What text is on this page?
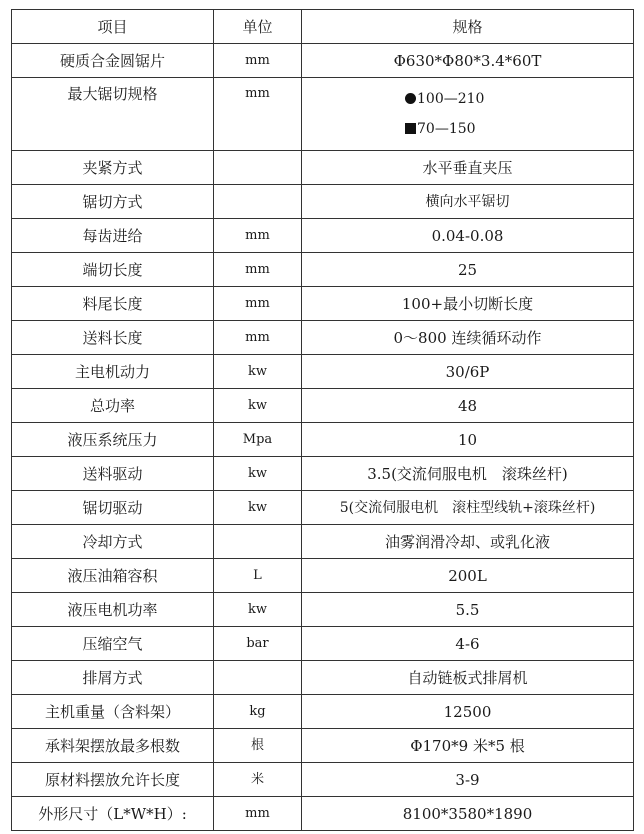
项目	单位	规格
硬质合金圆锯片	mm	Φ630*Φ80*3.4*60T
最大锯切规格	mm	100—210
70—150

夹紧方式		水平垂直夹压
锯切方式		横向水平锯切
每齿进给	mm	0.04-0.08
端切长度	mm	25
料尾长度	mm	100+最小切断长度
送料长度	mm	0～800 连续循环动作
主电机动力	kw	30/6P
总功率	kw	48
液压系统压力	Mpa	10
送料驱动	kw	3.5(交流伺服电机　滚珠丝杆)
锯切驱动	kw	5(交流伺服电机　滚柱型线轨+滚珠丝杆)
冷却方式		油雾润滑冷却、或乳化液
液压油箱容积	L	200L
液压电机功率	kw	5.5
压缩空气	bar	4-6
排屑方式		自动链板式排屑机
主机重量（含料架）	kg	12500
承料架摆放最多根数	根	Φ170*9 米*5 根
原材料摆放允许长度	米	3-9
外形尺寸（L*W*H）:	mm	8100*3580*1890
